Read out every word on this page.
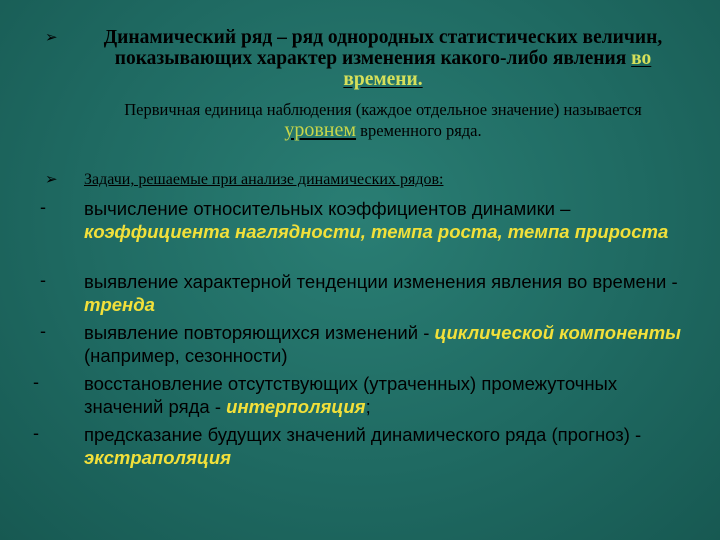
➢	Динамический ряд – ряд однородных статистических величин, показывающих характер изменения какого-либо явления во времени.
Первичная единица наблюдения (каждое отдельное значение) называется уровнем временного ряда.
➢ Задачи, решаемые при анализе динамических рядов:
- вычисление относительных коэффициентов динамики – коэффициента наглядности, темпа роста, темпа прироста
- выявление характерной тенденции изменения явления во времени - тренда
- выявление повторяющихся изменений - циклической компоненты (например, сезонности)
- восстановление отсутствующих (утраченных) промежуточных значений ряда - интерполяция;
- предсказание будущих значений динамического ряда (прогноз) - экстраполяция
